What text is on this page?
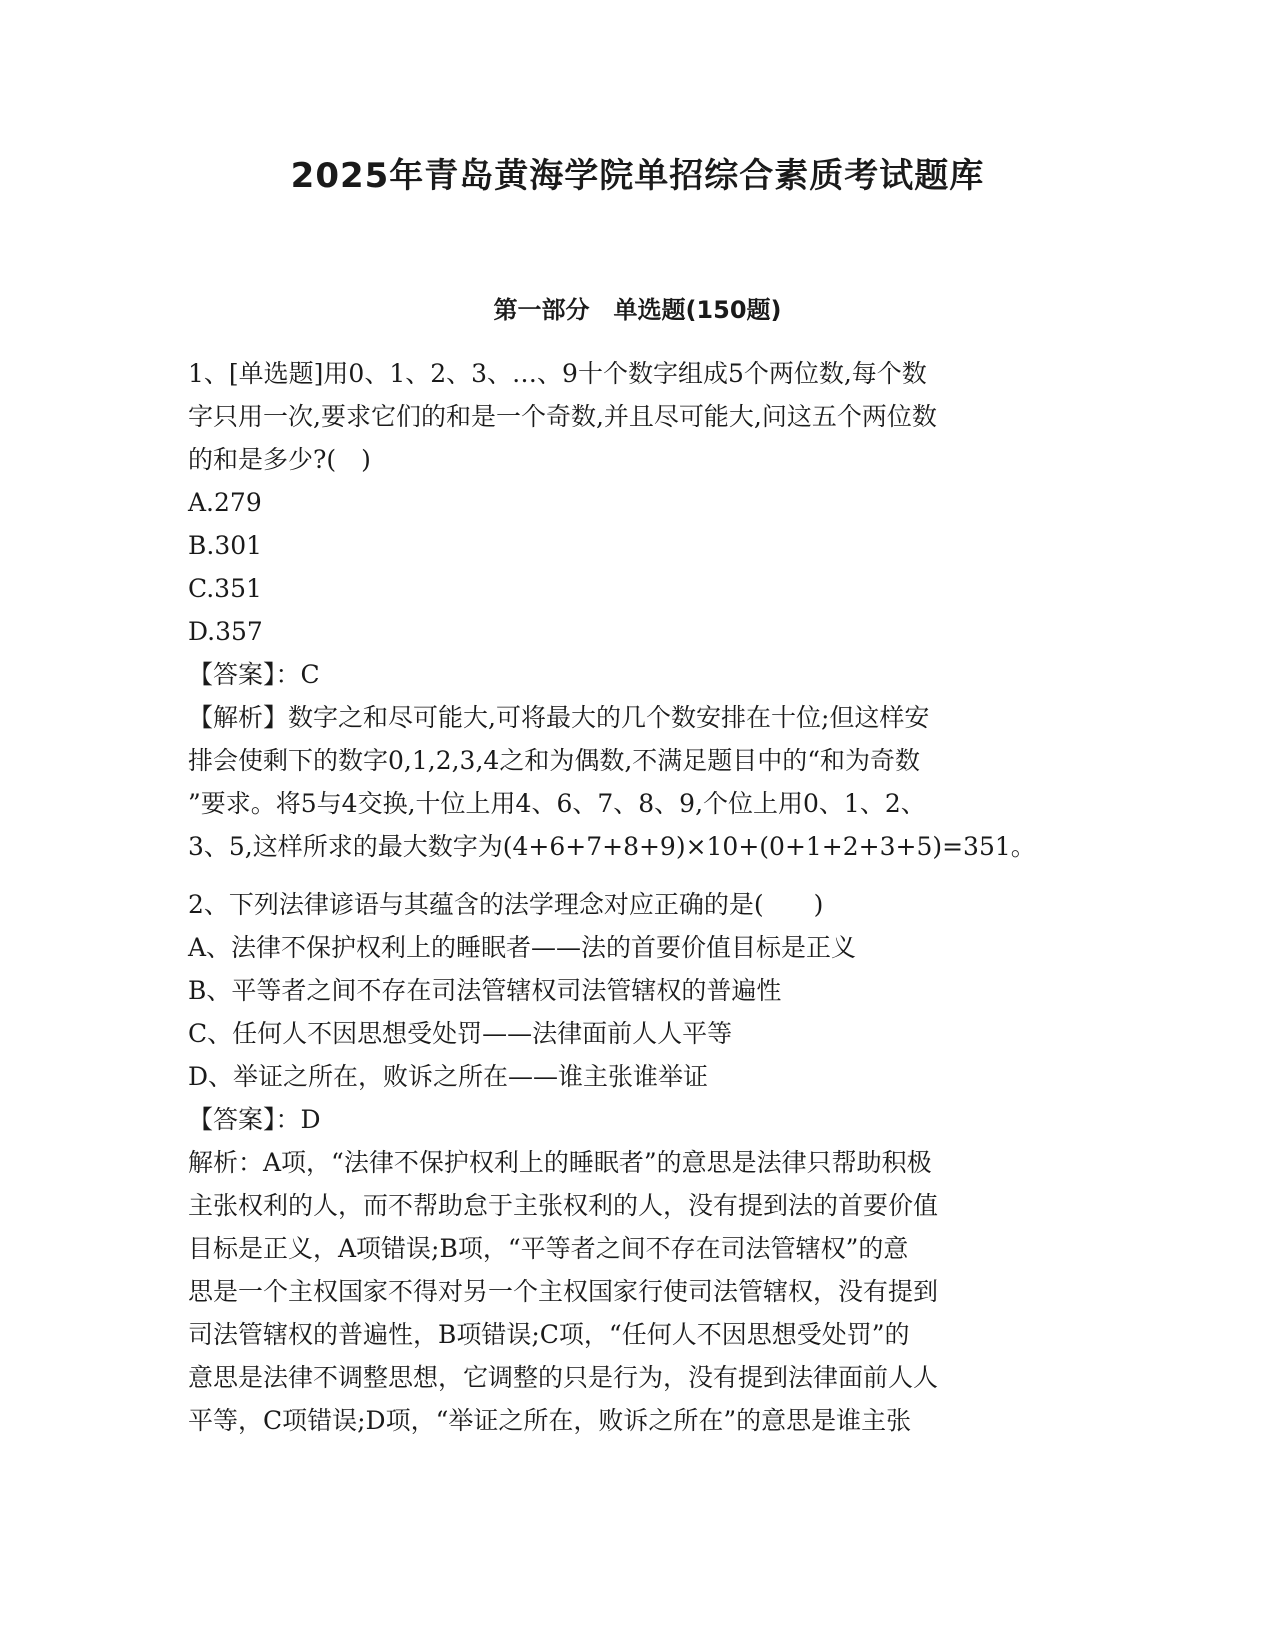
2025年青岛黄海学院单招综合素质考试题库
第一部分　单选题(150题)
1、[单选题]用0、1、2、3、…、9十个数字组成5个两位数,每个数
字只用一次,要求它们的和是一个奇数,并且尽可能大,问这五个两位数
的和是多少?(　)
A.279
B.301
C.351
D.357
【答案】：C
【解析】数字之和尽可能大,可将最大的几个数安排在十位;但这样安
排会使剩下的数字0,1,2,3,4之和为偶数,不满足题目中的“和为奇数
”要求。将5与4交换,十位上用4、6、7、8、9,个位上用0、1、2、
3、5,这样所求的最大数字为(4+6+7+8+9)×10+(0+1+2+3+5)=351。
2、下列法律谚语与其蕴含的法学理念对应正确的是(　　)
A、法律不保护权利上的睡眠者——法的首要价值目标是正义
B、平等者之间不存在司法管辖权司法管辖权的普遍性
C、任何人不因思想受处罚——法律面前人人平等
D、举证之所在，败诉之所在——谁主张谁举证
【答案】：D
解析：A项，“法律不保护权利上的睡眠者”的意思是法律只帮助积极
主张权利的人，而不帮助怠于主张权利的人，没有提到法的首要价值
目标是正义，A项错误;B项，“平等者之间不存在司法管辖权”的意
思是一个主权国家不得对另一个主权国家行使司法管辖权，没有提到
司法管辖权的普遍性，B项错误;C项，“任何人不因思想受处罚”的
意思是法律不调整思想，它调整的只是行为，没有提到法律面前人人
平等，C项错误;D项，“举证之所在，败诉之所在”的意思是谁主张
